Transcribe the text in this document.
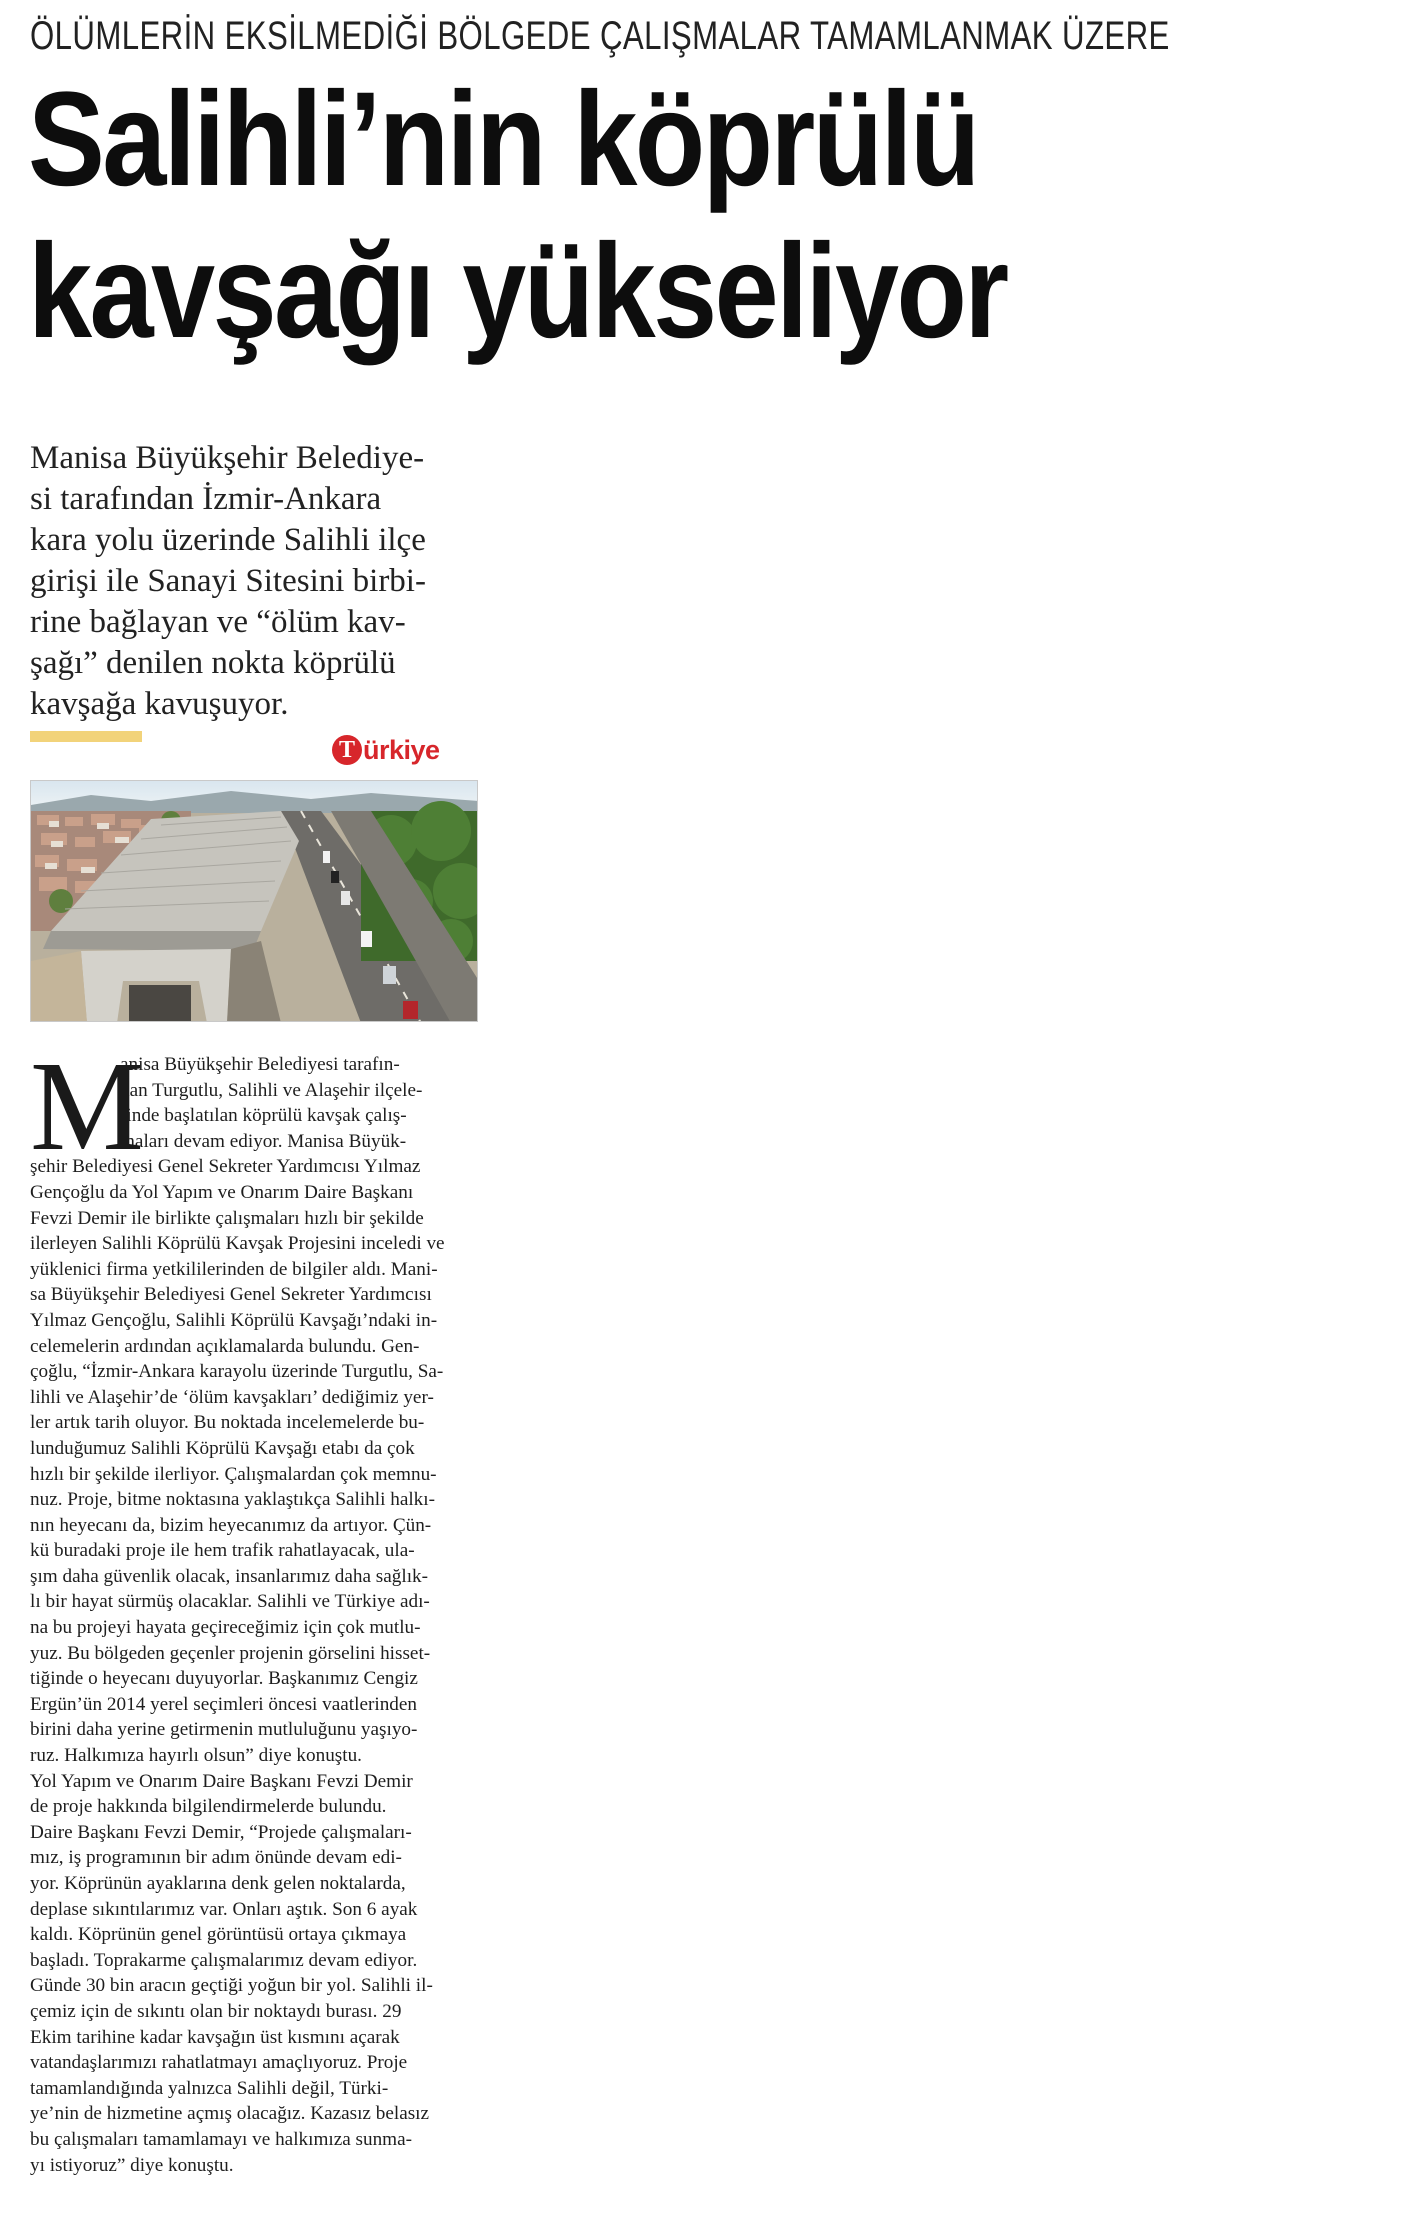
ÖLÜMLERİN EKSİLMEDİĞİ BÖLGEDE ÇALIŞMALAR TAMAMLANMAK ÜZERE
Salihli’nin köprülü
kavşağı yükseliyor
Manisa Büyükşehir Belediye-
si tarafından İzmir-Ankara
kara yolu üzerinde Salihli ilçe
girişi ile Sanayi Sitesini birbi-
rine bağlayan ve “ölüm kav-
şağı” denilen nokta köprülü
kavşağa kavuşuyor.
T ürkiye
M
anisa Büyükşehir Belediyesi tarafın-
dan Turgutlu, Salihli ve Alaşehir ilçele-
rinde başlatılan köprülü kavşak çalış-
maları devam ediyor. Manisa Büyük-
şehir Belediyesi Genel Sekreter Yardımcısı Yılmaz
Gençoğlu da Yol Yapım ve Onarım Daire Başkanı
Fevzi Demir ile birlikte çalışmaları hızlı bir şekilde
ilerleyen Salihli Köprülü Kavşak Projesini inceledi ve
yüklenici firma yetkililerinden de bilgiler aldı. Mani-
sa Büyükşehir Belediyesi Genel Sekreter Yardımcısı
Yılmaz Gençoğlu, Salihli Köprülü Kavşağı’ndaki in-
celemelerin ardından açıklamalarda bulundu. Gen-
çoğlu, “İzmir-Ankara karayolu üzerinde Turgutlu, Sa-
lihli ve Alaşehir’de ‘ölüm kavşakları’ dediğimiz yer-
ler artık tarih oluyor. Bu noktada incelemelerde bu-
lunduğumuz Salihli Köprülü Kavşağı etabı da çok
hızlı bir şekilde ilerliyor. Çalışmalardan çok memnu-
nuz. Proje, bitme noktasına yaklaştıkça Salihli halkı-
nın heyecanı da, bizim heyecanımız da artıyor. Çün-
kü buradaki proje ile hem trafik rahatlayacak, ula-
şım daha güvenlik olacak, insanlarımız daha sağlık-
lı bir hayat sürmüş olacaklar. Salihli ve Türkiye adı-
na bu projeyi hayata geçireceğimiz için çok mutlu-
yuz. Bu bölgeden geçenler projenin görselini hisset-
tiğinde o heyecanı duyuyorlar. Başkanımız Cengiz
Ergün’ün 2014 yerel seçimleri öncesi vaatlerinden
birini daha yerine getirmenin mutluluğunu yaşıyo-
ruz. Halkımıza hayırlı olsun” diye konuştu.
Yol Yapım ve Onarım Daire Başkanı Fevzi Demir
de proje hakkında bilgilendirmelerde bulundu.
Daire Başkanı Fevzi Demir, “Projede çalışmaları-
mız, iş programının bir adım önünde devam edi-
yor. Köprünün ayaklarına denk gelen noktalarda,
deplase sıkıntılarımız var. Onları aştık. Son 6 ayak
kaldı. Köprünün genel görüntüsü ortaya çıkmaya
başladı. Toprakarme çalışmalarımız devam ediyor.
Günde 30 bin aracın geçtiği yoğun bir yol. Salihli il-
çemiz için de sıkıntı olan bir noktaydı burası. 29
Ekim tarihine kadar kavşağın üst kısmını açarak
vatandaşlarımızı rahatlatmayı amaçlıyoruz. Proje
tamamlandığında yalnızca Salihli değil, Türki-
ye’nin de hizmetine açmış olacağız. Kazasız belasız
bu çalışmaları tamamlamayı ve halkımıza sunma-
yı istiyoruz” diye konuştu.
